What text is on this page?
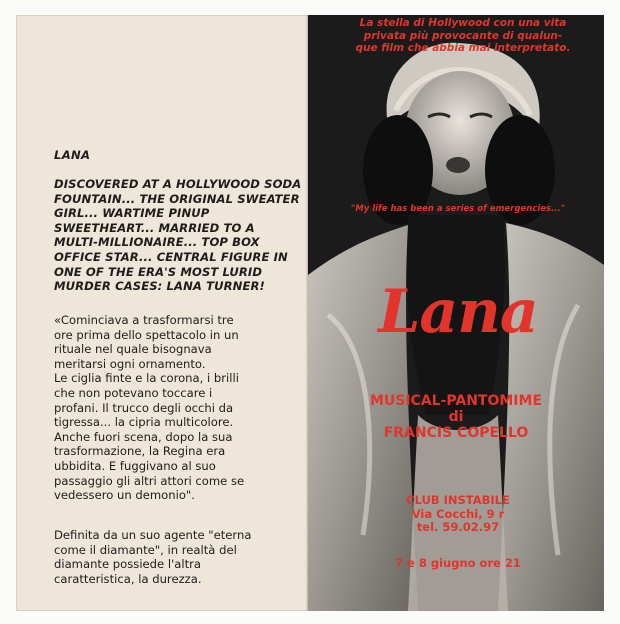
LANA
DISCOVERED AT A HOLLYWOOD SODA
FOUNTAIN... THE ORIGINAL SWEATER
GIRL... WARTIME PINUP
SWEETHEART... MARRIED TO A
MULTI-MILLIONAIRE... TOP BOX
OFFICE STAR... CENTRAL FIGURE IN
ONE OF THE ERA'S MOST LURID
MURDER CASES: LANA TURNER!

«Cominciava a trasformarsi tre

ore prima dello spettacolo in un

rituale nel quale bisognava

meritarsi ogni ornamento.

Le ciglia finte e la corona, i brilli

che non potevano toccare i

profani. Il trucco degli occhi da

tigressa... la cipria multicolore.

Anche fuori scena, dopo la sua

trasformazione, la Regina era

ubbidita. E fuggivano al suo

passaggio gli altri attori come se

vedessero un demonio".

Definita da un suo agente "eterna

come il diamante", in realtà del

diamante possiede l'altra

caratteristica, la durezza.

La stella di Hollywood con una vita
privata più provocante di qualun-
que film che abbia mai interpretato.
"My life has been a series of emergencies..."
Lana
MUSICAL-PANTOMIME
di
FRANCIS COPELLO
CLUB INSTABILE
Via Cocchi, 9 r
tel. 59.02.97
7 e 8 giugno ore 21
